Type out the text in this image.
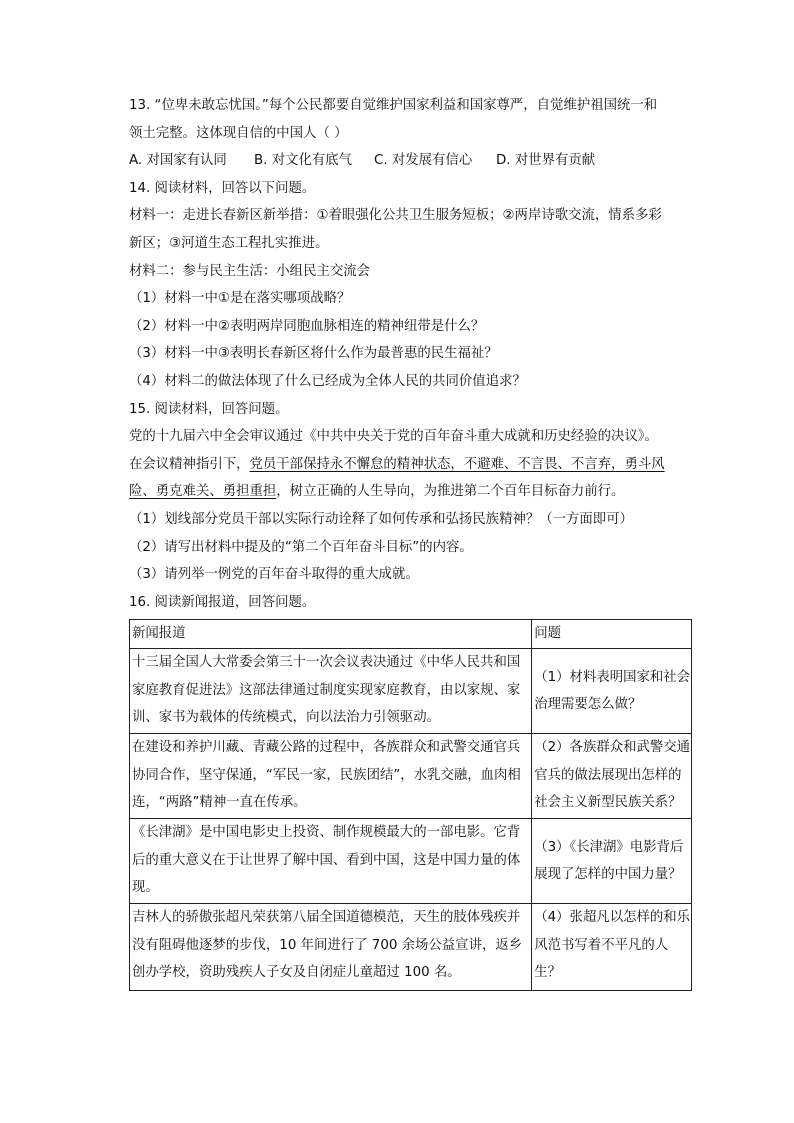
13. “位卑未敢忘忧国。”每个公民都要自觉维护国家利益和国家尊严，自觉维护祖国统一和
领土完整。这体现自信的中国人（ ）
A. 对国家有认同	B. 对文化有底气	C. 对发展有信心	D. 对世界有贡献
14. 阅读材料，回答以下问题。
材料一：走进长春新区新举措：①着眼强化公共卫生服务短板；②两岸诗歌交流，情系多彩
新区；③河道生态工程扎实推进。
材料二：参与民主生活：小组民主交流会
（1）材料一中①是在落实哪项战略？
（2）材料一中②表明两岸同胞血脉相连的精神纽带是什么？
（3）材料一中③表明长春新区将什么作为最普惠的民生福祉？
（4）材料二的做法体现了什么已经成为全体人民的共同价值追求？
15. 阅读材料，回答问题。
党的十九届六中全会审议通过《中共中央关于党的百年奋斗重大成就和历史经验的决议》。
在会议精神指引下，党员干部保持永不懈怠的精神状态，不避难、不言畏、不言弃，勇斗风
险、勇克难关、勇担重担，树立正确的人生导向，为推进第二个百年目标奋力前行。
（1）划线部分党员干部以实际行动诠释了如何传承和弘扬民族精神？（一方面即可）
（2）请写出材料中提及的“第二个百年奋斗目标”的内容。
（3）请列举一例党的百年奋斗取得的重大成就。
16. 阅读新闻报道，回答问题。
新闻报道	问题

十三届全国人大常委会第三十一次会议表决通过《中华人民共和国家庭教育促进法》这部法律通过制度实现家庭教育，由以家规、家训、家书为载体的传统模式，向以法治力引领驱动。	（1）材料表明国家和社会治理需要怎么做？

在建设和养护川藏、青藏公路的过程中，各族群众和武警交通官兵协同合作，坚守保通，“军民一家，民族团结”，水乳交融，血肉相连，“两路”精神一直在传承。	（2）各族群众和武警交通官兵的做法展现出怎样的社会主义新型民族关系？

《长津湖》是中国电影史上投资、制作规模最大的一部电影。它背后的重大意义在于让世界了解中国、看到中国，这是中国力量的体现。	（3）《长津湖》电影背后展现了怎样的中国力量？

吉林人的骄傲张超凡荣获第八届全国道德模范，天生的肢体残疾并没有阻碍他逐梦的步伐，10 年间进行了 700 余场公益宣讲，返乡创办学校，资助残疾人子女及自闭症儿童超过 100 名。	（4）张超凡以怎样的和乐风范书写着不平凡的人生？
